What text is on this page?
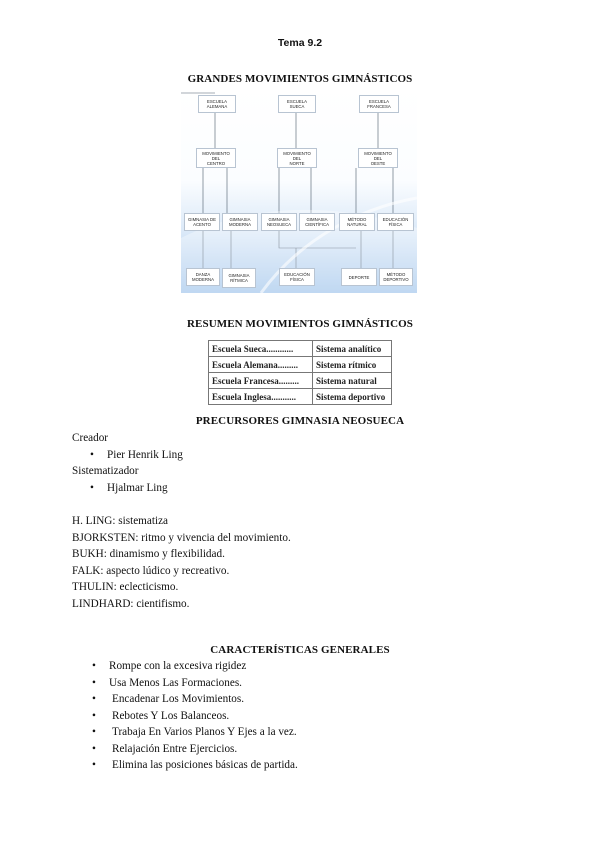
Tema 9.2
GRANDES MOVIMIENTOS GIMNÁSTICOS
ESCUELA
ALEMANA
ESCUELA
SUECA
ESCUELA
FRANCESA
MOVIMIENTO
DEL
CENTRO
MOVIMIENTO
DEL
NORTE
MOVIMIENTO
DEL
OESTE
GIMNASIA DE
ACENTO
GIMNASIA
MODERNA
GIMNASIA
NEOSUECA
GIMNASIA
CIENTÍFICA
MÉTODO
NATURAL
EDUCACIÓN
FÍSICA
DANZA
MODERNA
GIMNASIA
RÍTMICA
EDUCACIÓN
FÍSICA	DEPORTE	MÉTODO
DEPORTIVO
RESUMEN MOVIMIENTOS GIMNÁSTICOS
Escuela Sueca............	Sistema analítico
Escuela Alemana.........	Sistema rítmico
Escuela Francesa.........	Sistema natural
Escuela Inglesa...........	Sistema deportivo
PRECURSORES GIMNASIA NEOSUECA
Creador
• Pier Henrik Ling
Sistematizador
• Hjalmar Ling
H. LING: sistematiza
BJORKSTEN: ritmo y vivencia del movimiento.
BUKH: dinamismo y flexibilidad.
FALK: aspecto lúdico y recreativo.
THULIN: eclecticismo.
LINDHARD: cientifismo.
CARACTERÍSTICAS GENERALES
• Rompe con la excesiva rigidez
• Usa Menos Las Formaciones.
• Encadenar Los Movimientos.
• Rebotes Y Los Balanceos.
• Trabaja En Varios Planos Y Ejes a la vez.
• Relajación Entre Ejercicios.
• Elimina las posiciones básicas de partida.
